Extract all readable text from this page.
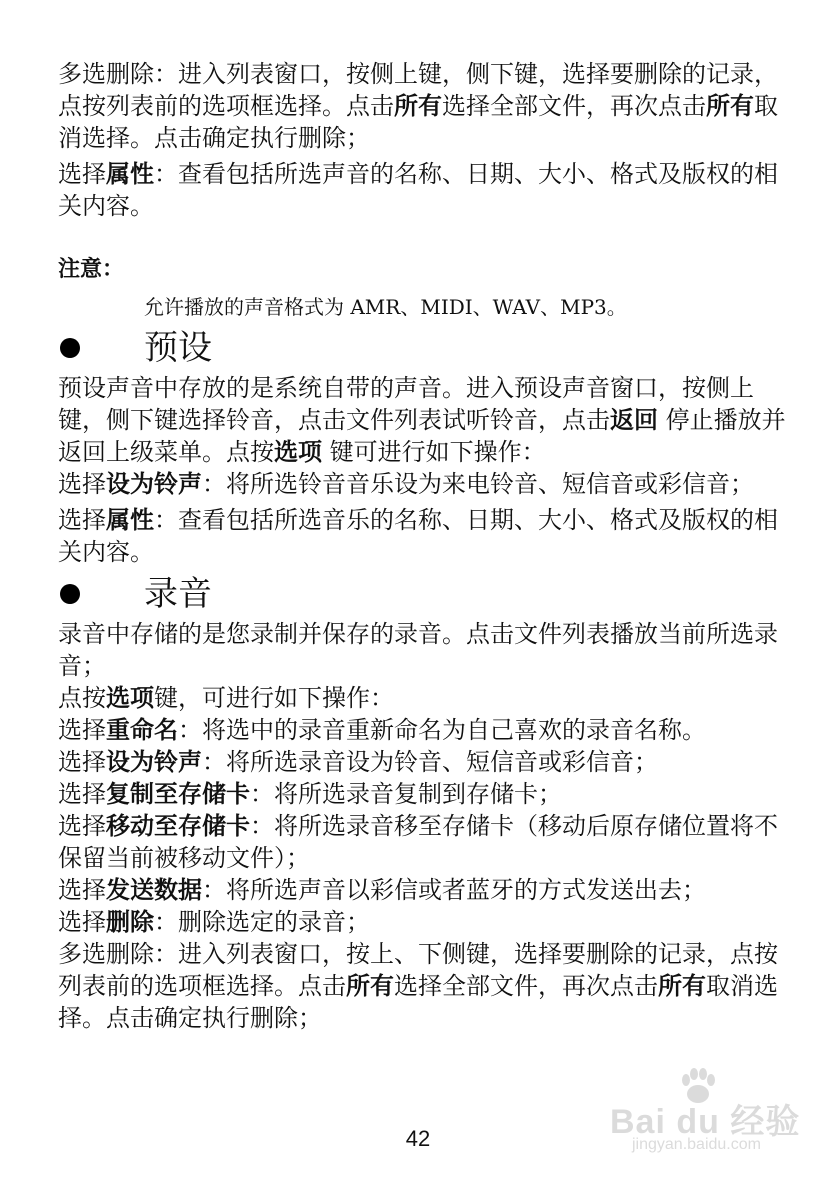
多选删除：进入列表窗口，按侧上键，侧下键，选择要删除的记录，点按列表前的选项框选择。点击所有选择全部文件，再次点击所有取消选择。点击确定执行删除；

选择属性：查看包括所选声音的名称、日期、大小、格式及版权的相关内容。

注意：
允许播放的声音格式为 AMR、MIDI、WAV、MP3。
预设

预设声音中存放的是系统自带的声音。进入预设声音窗口，按侧上键，侧下键选择铃音，点击文件列表试听铃音，点击返回 停止播放并返回上级菜单。点按选项 键可进行如下操作：

选择设为铃声：将所选铃音音乐设为来电铃音、短信音或彩信音；

选择属性：查看包括所选音乐的名称、日期、大小、格式及版权的相关内容。

录音

录音中存储的是您录制并保存的录音。点击文件列表播放当前所选录音；

点按选项键，可进行如下操作：

选择重命名：将选中的录音重新命名为自己喜欢的录音名称。

选择设为铃声：将所选录音设为铃音、短信音或彩信音；

选择复制至存储卡：将所选录音复制到存储卡；

选择移动至存储卡：将所选录音移至存储卡（移动后原存储位置将不保留当前被移动文件）；

选择发送数据：将所选声音以彩信或者蓝牙的方式发送出去；

选择删除：删除选定的录音；

多选删除：进入列表窗口，按上、下侧键，选择要删除的记录，点按列表前的选项框选择。点击所有选择全部文件，再次点击所有取消选择。点击确定执行删除；

Bai du 经验
jingyan.baidu.com
42
